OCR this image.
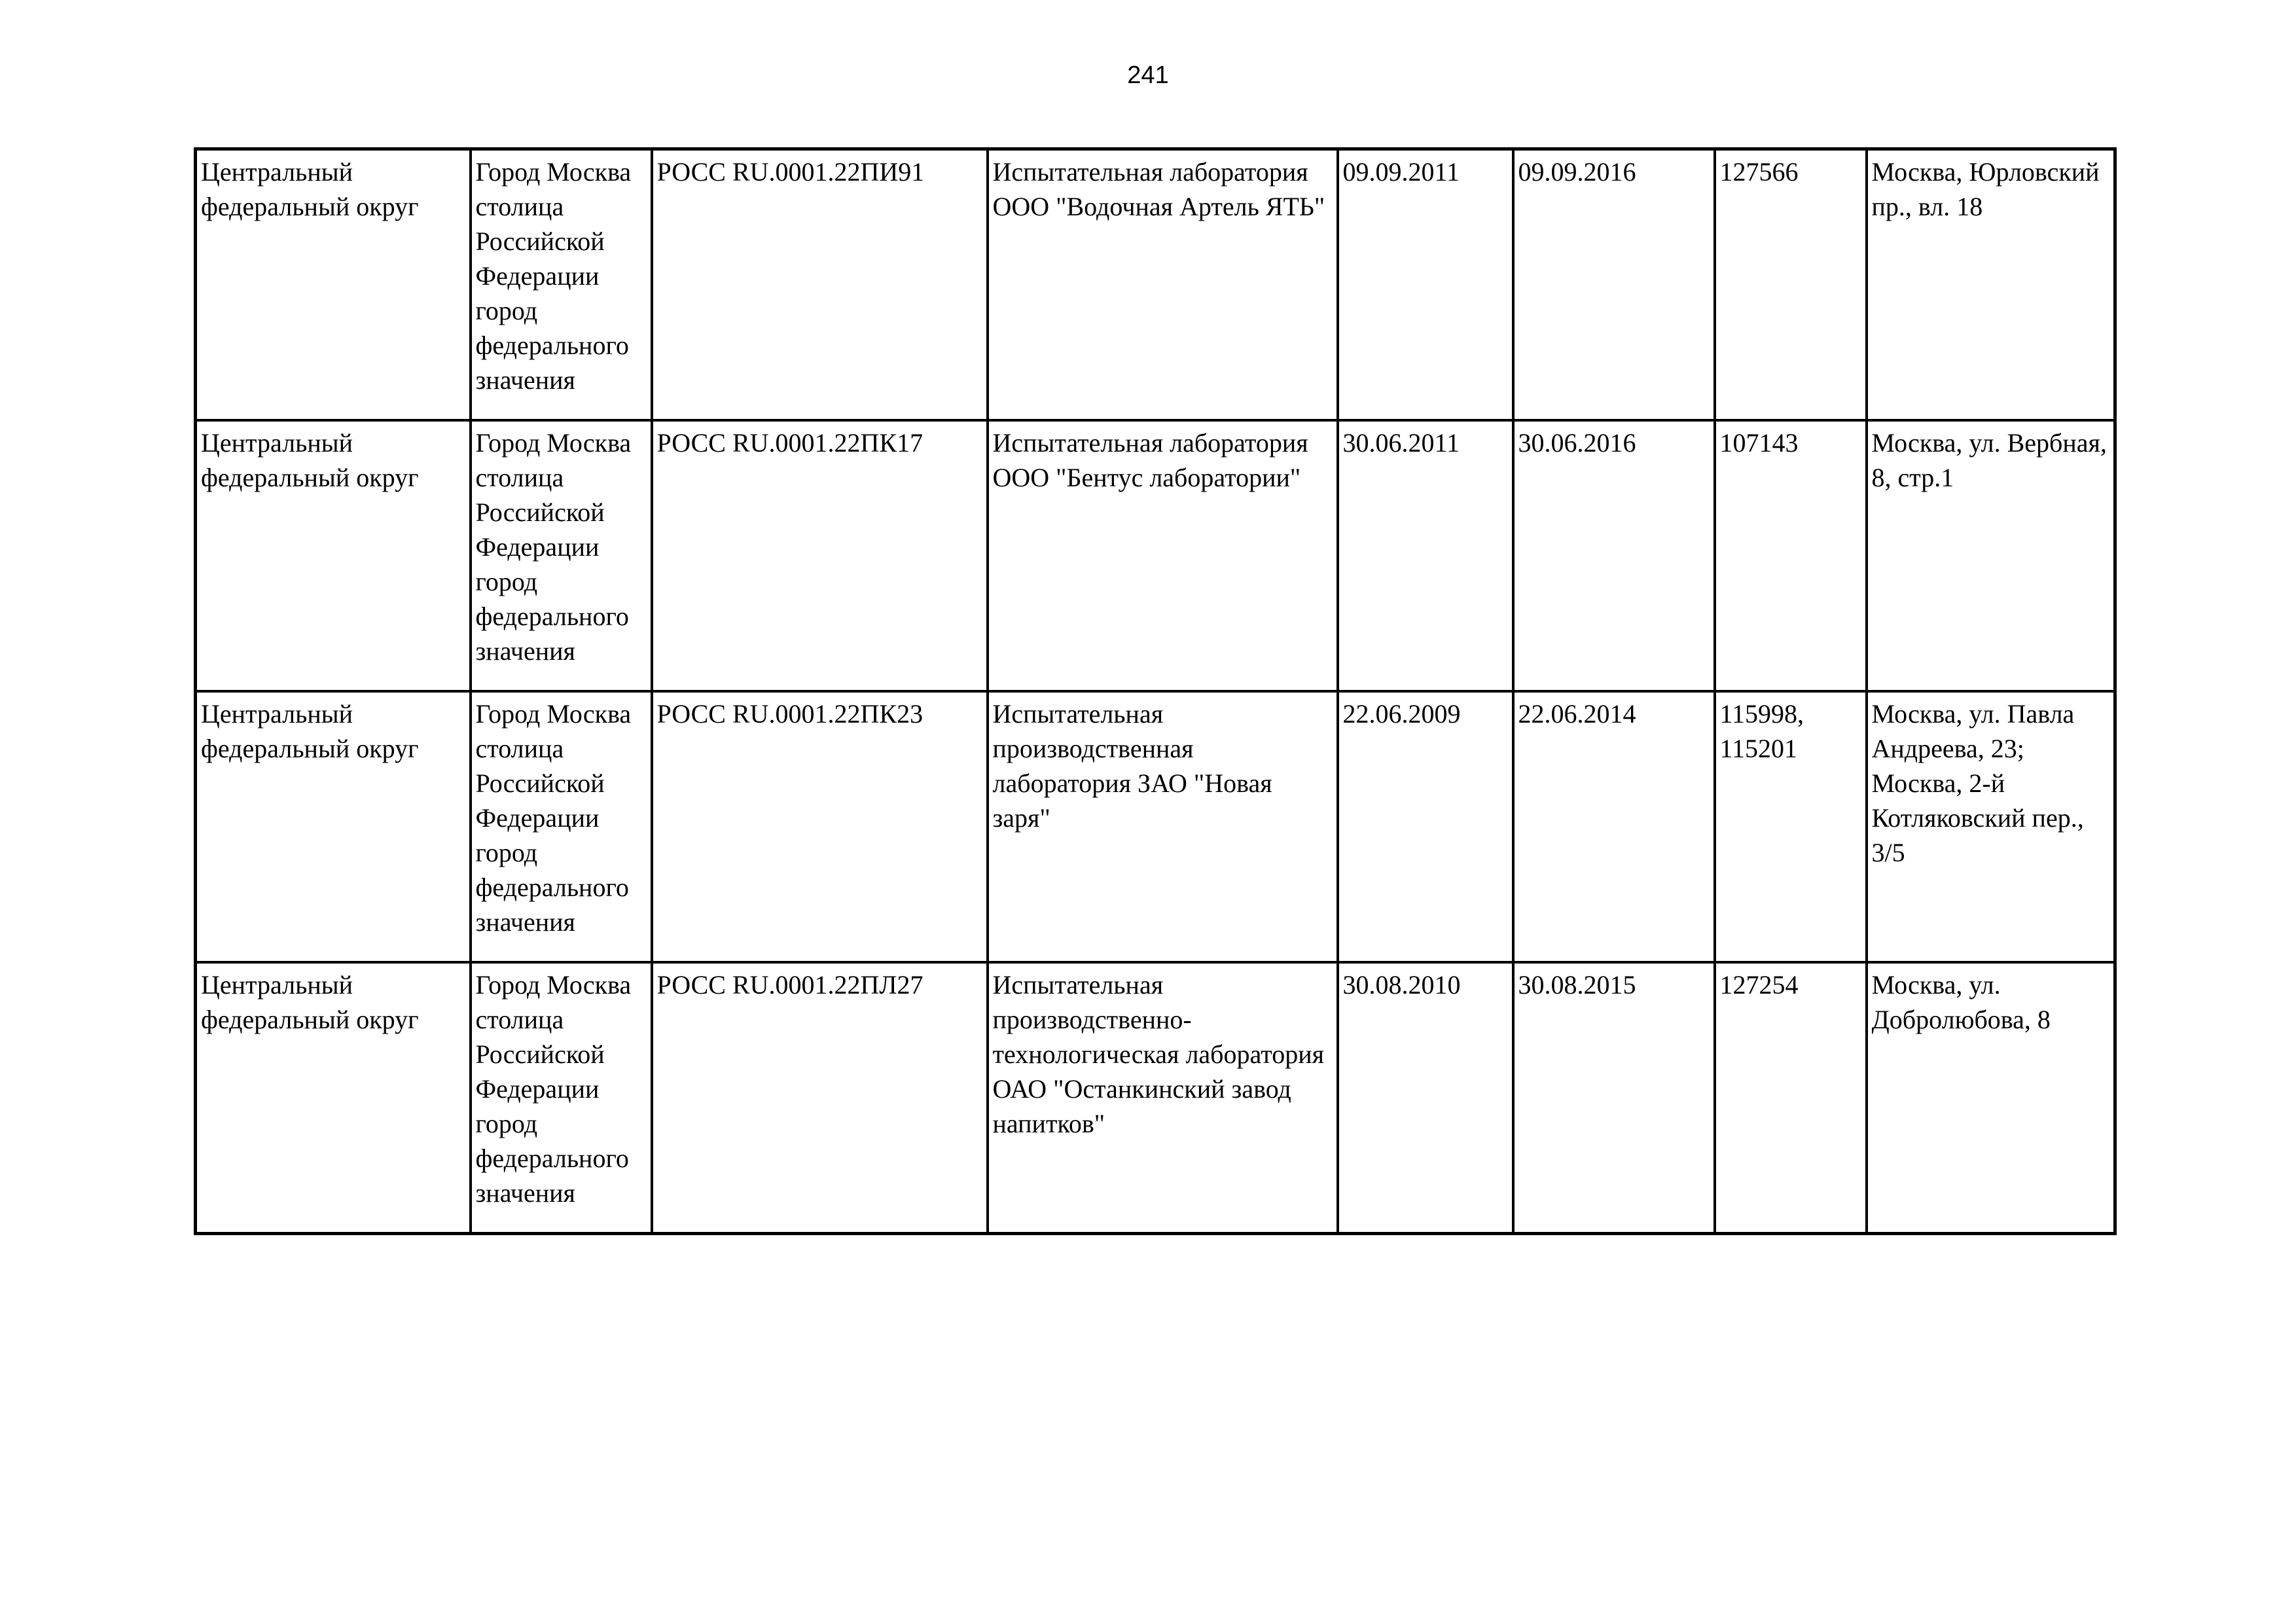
241
Центральный федеральный округ	Город Москва столица Российской Федерации город федерального значения	РОСС RU.0001.22ПИ91	Испытательная лаборатория ООО "Водочная Артель ЯТЬ"	09.09.2011	09.09.2016	127566	Москва, Юрловский пр., вл. 18

Центральный федеральный округ	Город Москва столица Российской Федерации город федерального значения	РОСС RU.0001.22ПК17	Испытательная лаборатория ООО "Бентус лаборатории"	30.06.2011	30.06.2016	107143	Москва, ул. Вербная, 8, стр.1

Центральный федеральный округ	Город Москва столица Российской Федерации город федерального значения	РОСС RU.0001.22ПК23	Испытательная производственная лаборатория ЗАО "Новая заря"	22.06.2009	22.06.2014	115998, 115201	Москва, ул. Павла Андреева, 23; Москва, 2-й Котляковский пер., 3/5

Центральный федеральный округ	Город Москва столица Российской Федерации город федерального значения	РОСС RU.0001.22ПЛ27	Испытательная производственно-технологическая лаборатория ОАО "Останкинский завод напитков"	30.08.2010	30.08.2015	127254	Москва, ул. Добролюбова, 8
